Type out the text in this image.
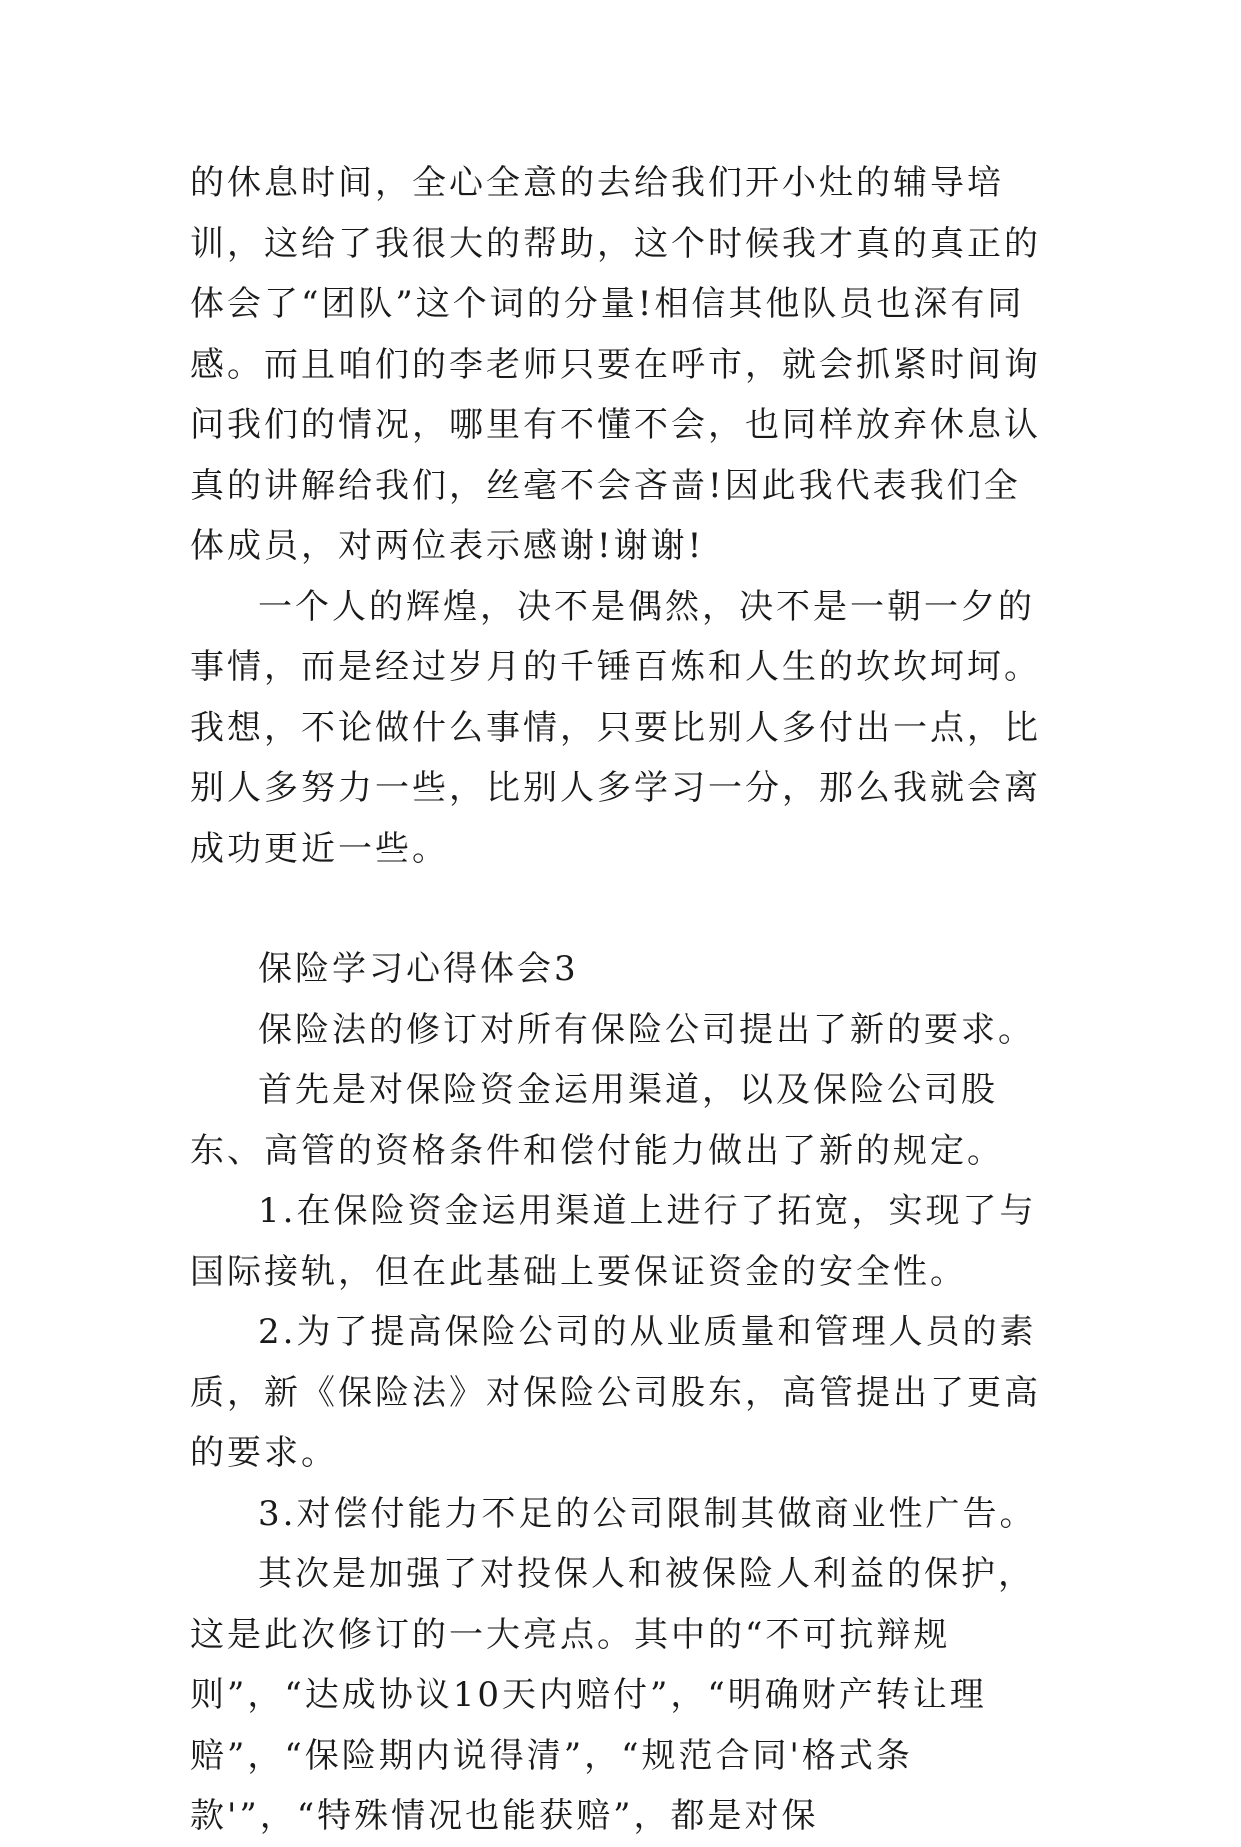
的休息时间，全心全意的去给我们开小灶的辅导培训，这给了我很大的帮助，这个时候我才真的真正的体会了“团队”这个词的分量!相信其他队员也深有同感。而且咱们的李老师只要在呼市，就会抓紧时间询问我们的情况，哪里有不懂不会，也同样放弃休息认真的讲解给我们，丝毫不会吝啬!因此我代表我们全体成员，对两位表示感谢!谢谢!

一个人的辉煌，决不是偶然，决不是一朝一夕的事情，而是经过岁月的千锤百炼和人生的坎坎坷坷。我想，不论做什么事情，只要比别人多付出一点，比别人多努力一些，比别人多学习一分，那么我就会离成功更近一些。

保险学习心得体会3

保险法的修订对所有保险公司提出了新的要求。

首先是对保险资金运用渠道，以及保险公司股东、高管的资格条件和偿付能力做出了新的规定。

1.在保险资金运用渠道上进行了拓宽，实现了与国际接轨，但在此基础上要保证资金的安全性。

2.为了提高保险公司的从业质量和管理人员的素质，新《保险法》对保险公司股东，高管提出了更高的要求。

3.对偿付能力不足的公司限制其做商业性广告。

其次是加强了对投保人和被保险人利益的保护，这是此次修订的一大亮点。其中的“不可抗辩规则”，“达成协议10天内赔付”，“明确财产转让理赔”，“保险期内说得清”，“规范合同'格式条款'”，“特殊情况也能获赔”，都是对保
